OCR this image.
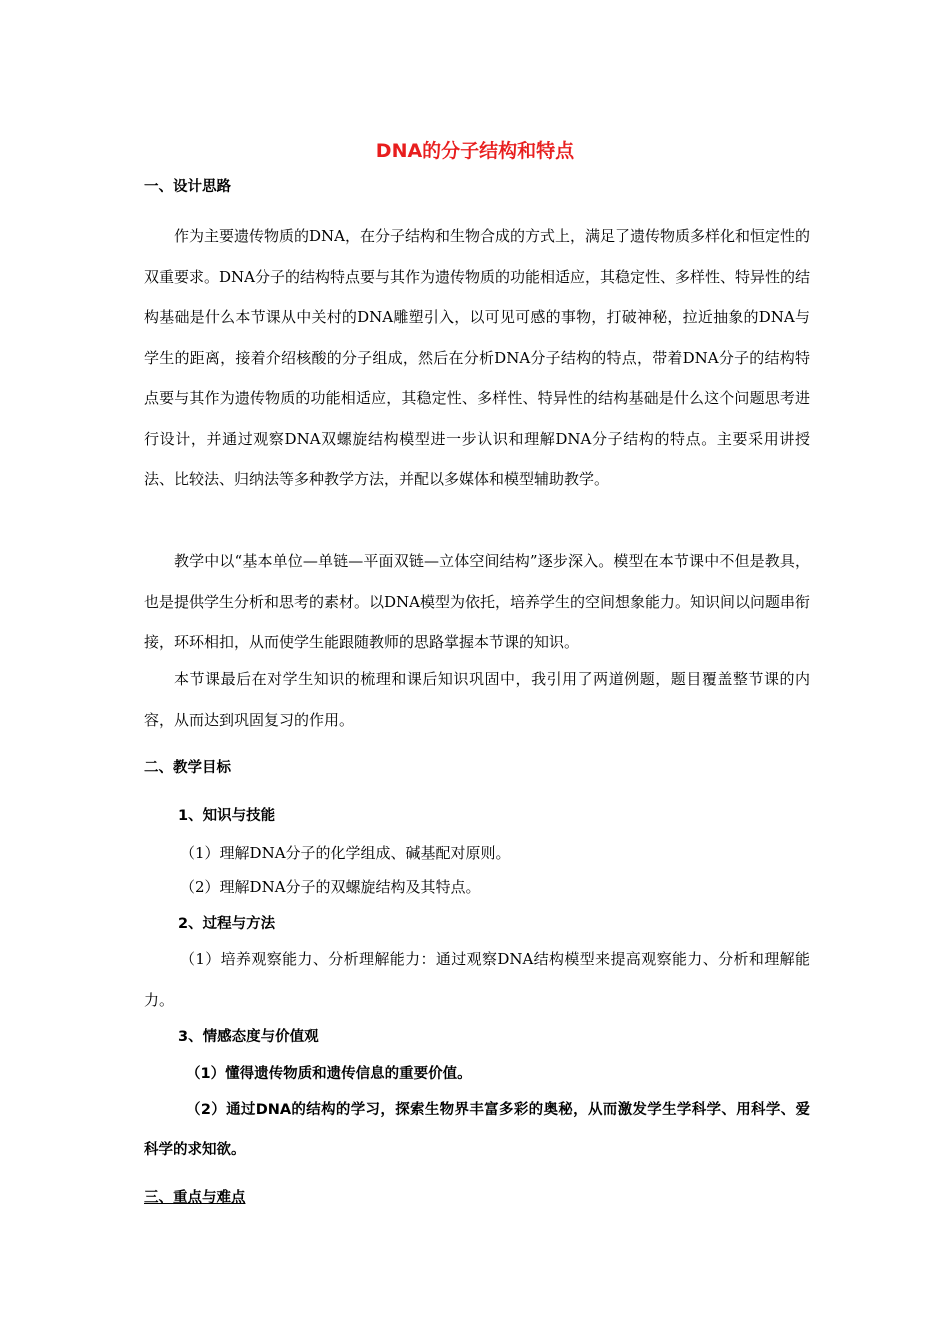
DNA的分子结构和特点
一、设计思路

作为主要遗传物质的DNA，在分子结构和生物合成的方式上，满足了遗传物质多样化和恒定性的双重要求。DNA分子的结构特点要与其作为遗传物质的功能相适应，其稳定性、多样性、特异性的结构基础是什么本节课从中关村的DNA雕塑引入，以可见可感的事物，打破神秘，拉近抽象的DNA与学生的距离，接着介绍核酸的分子组成，然后在分析DNA分子结构的特点，带着DNA分子的结构特点要与其作为遗传物质的功能相适应，其稳定性、多样性、特异性的结构基础是什么这个问题思考进行设计，并通过观察DNA双螺旋结构模型进一步认识和理解DNA分子结构的特点。主要采用讲授法、比较法、归纳法等多种教学方法，并配以多媒体和模型辅助教学。

教学中以“基本单位—单链—平面双链—立体空间结构”逐步深入。模型在本节课中不但是教具，也是提供学生分析和思考的素材。以DNA模型为依托，培养学生的空间想象能力。知识间以问题串衔接，环环相扣，从而使学生能跟随教师的思路掌握本节课的知识。

本节课最后在对学生知识的梳理和课后知识巩固中，我引用了两道例题，题目覆盖整节课的内容，从而达到巩固复习的作用。

二、教学目标
1、知识与技能
（1）理解DNA分子的化学组成、碱基配对原则。
（2）理解DNA分子的双螺旋结构及其特点。
2、过程与方法

（1）培养观察能力、分析理解能力：通过观察DNA结构模型来提高观察能力、分析和理解能力。

3、情感态度与价值观
（1）懂得遗传物质和遗传信息的重要价值。

（2）通过DNA的结构的学习，探索生物界丰富多彩的奥秘，从而激发学生学科学、用科学、爱科学的求知欲。

三、重点与难点
